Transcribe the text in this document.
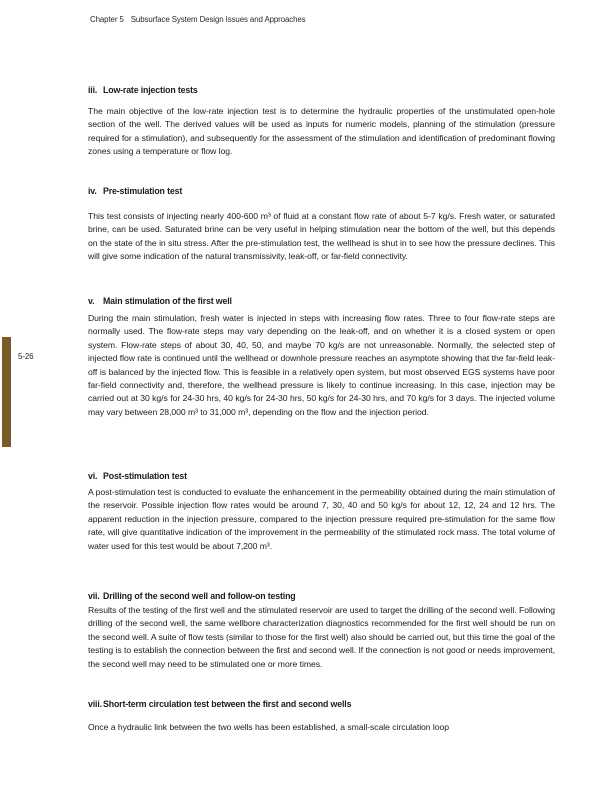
Chapter 5 Subsurface System Design Issues and Approaches
5-26
iii. Low-rate injection tests

The main objective of the low-rate injection test is to determine the hydraulic properties of the unstimulated open-hole section of the well. The derived values will be used as inputs for numeric models, planning of the stimulation (pressure required for a stimulation), and subsequently for the assessment of the stimulation and identification of predominant flowing zones using a temperature or flow log.

iv. Pre-stimulation test

This test consists of injecting nearly 400-600 m³ of fluid at a constant flow rate of about 5-7 kg/s. Fresh water, or saturated brine, can be used. Saturated brine can be very useful in helping stimulation near the bottom of the well, but this depends on the state of the in situ stress. After the pre-stimulation test, the wellhead is shut in to see how the pressure declines. This will give some indication of the natural transmissivity, leak-off, or far-field connectivity.

v. Main stimulation of the first well

During the main stimulation, fresh water is injected in steps with increasing flow rates. Three to four flow-rate steps are normally used. The flow-rate steps may vary depending on the leak-off, and on whether it is a closed system or open system. Flow-rate steps of about 30, 40, 50, and maybe 70 kg/s are not unreasonable. Normally, the selected step of injected flow rate is continued until the wellhead or downhole pressure reaches an asymptote showing that the far-field leak-off is balanced by the injected flow. This is feasible in a relatively open system, but most observed EGS systems have poor far-field connectivity and, therefore, the wellhead pressure is likely to continue increasing. In this case, injection may be carried out at 30 kg/s for 24-30 hrs, 40 kg/s for 24-30 hrs, 50 kg/s for 24-30 hrs, and 70 kg/s for 3 days. The injected volume may vary between 28,000 m³ to 31,000 m³, depending on the flow and the injection period.

vi. Post-stimulation test

A post-stimulation test is conducted to evaluate the enhancement in the permeability obtained during the main stimulation of the reservoir. Possible injection flow rates would be around 7, 30, 40 and 50 kg/s for about 12, 12, 24 and 12 hrs. The apparent reduction in the injection pressure, compared to the injection pressure required pre-stimulation for the same flow rate, will give quantitative indication of the improvement in the permeability of the stimulated rock mass. The total volume of water used for this test would be about 7,200 m³.

vii. Drilling of the second well and follow-on testing

Results of the testing of the first well and the stimulated reservoir are used to target the drilling of the second well. Following drilling of the second well, the same wellbore characterization diagnostics recommended for the first well should be run on the second well. A suite of flow tests (similar to those for the first well) also should be carried out, but this time the goal of the testing is to establish the connection between the first and second well. If the connection is not good or needs improvement, the second well may need to be stimulated one or more times.

viii.Short-term circulation test between the first and second wells

Once a hydraulic link between the two wells has been established, a small-scale circulation loop
